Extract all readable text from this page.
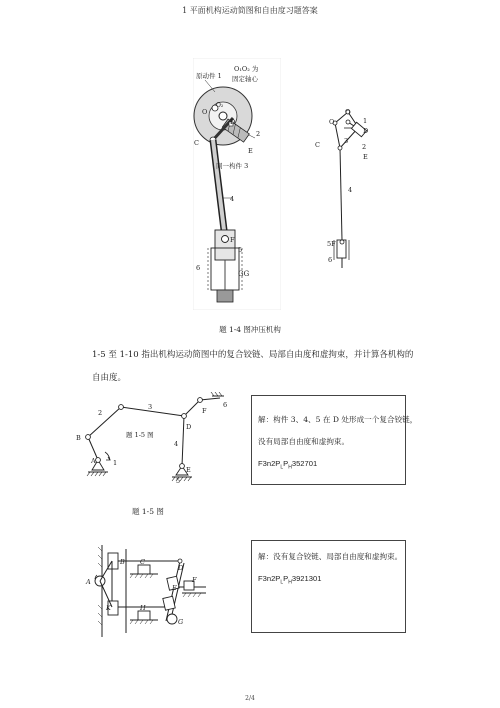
1 平面机构运动简图和自由度习题答案
原动件 1
O₁O₂ 为
固定轴心
O
O₂
D
2
C
E
同一构件 3
4
F
5
6
GG
O
O
1
D
3
C	2
E
4
5F
6
题 1-4 图冲压机构
1-5 至 1-10 指出机构运动简图中的复合铰链、局部自由度和虚拘束，并计算各机构的
自由度。
2
3	6
F
B
D
4
题 1-5 图
A	1
E
5
解：构件 3、4、5 在 D 处形成一个复合铰链，
没有局部自由度和虚拘束。
$F3n2P_LP_H352701$
题 1-5 图
A
B C
D
E
F
K	H
G
解：没有复合铰链、局部自由度和虚拘束。
$F3n2P_LP_H3921301$
2/4
